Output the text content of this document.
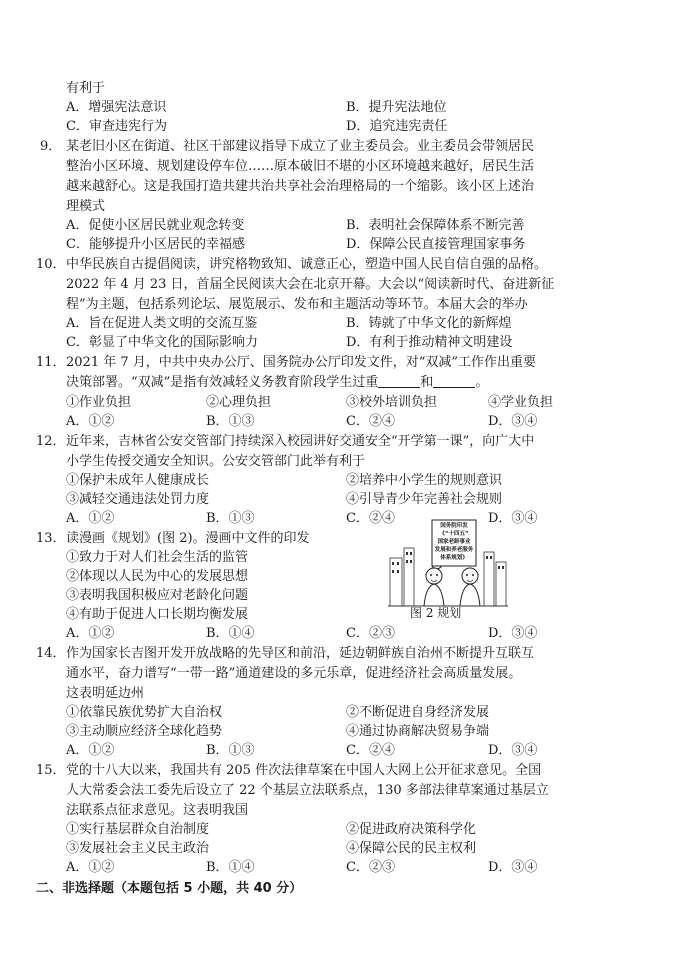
有利于
A．增强宪法意识	B．提升宪法地位
C．审查违宪行为	D．追究违宪责任
9． 某老旧小区在街道、社区干部建议指导下成立了业主委员会。业主委员会带领居民
整治小区环境、规划建设停车位……原本破旧不堪的小区环境越来越好，居民生活
越来越舒心。这是我国打造共建共治共享社会治理格局的一个缩影。该小区上述治
理模式
A．促使小区居民就业观念转变	B．表明社会保障体系不断完善
C．能够提升小区居民的幸福感	D．保障公民直接管理国家事务
10． 中华民族自古提倡阅读，讲究格物致知、诚意正心，塑造中国人民自信自强的品格。
2022 年 4 月 23 日，首届全民阅读大会在北京开幕。大会以“阅读新时代、奋进新征
程”为主题，包括系列论坛、展览展示、发布和主题活动等环节。本届大会的举办
A．旨在促进人类文明的交流互鉴	B．铸就了中华文化的新辉煌
C．彰显了中华文化的国际影响力	D．有利于推动精神文明建设
11． 2021 年 7 月，中共中央办公厅、国务院办公厅印发文件，对“双减”工作作出重要
决策部署。“双减”是指有效减轻义务教育阶段学生过重	和	。
①作业负担	②心理负担	③校外培训负担	④学业负担
A．①②	B．①③	C．②④	D．③④
12． 近年来，吉林省公安交管部门持续深入校园讲好交通安全“开学第一课”，向广大中
小学生传授交通安全知识。公安交管部门此举有利于
①保护未成年人健康成长	②培养中小学生的规则意识
③减轻交通违法处罚力度	④引导青少年完善社会规则
A．①②	B．①③	C．②④	D．③④
13． 读漫画《规划》(图 2)。漫画中文件的印发
①致力于对人们社会生活的监管
②体现以人民为中心的发展思想
③表明我国积极应对老龄化问题
④有助于促进人口长期均衡发展
A．①②	B．①④	C．②③	D．③④
国务院印发
《“十四五”
国家老龄事业
发展和养老服务
体系规划》
图 2 规划
14． 作为国家长吉图开发开放战略的先导区和前沿，延边朝鲜族自治州不断提升互联互
通水平，奋力谱写“一带一路”通道建设的多元乐章，促进经济社会高质量发展。
这表明延边州
①依靠民族优势扩大自治权	②不断促进自身经济发展
③主动顺应经济全球化趋势	④通过协商解决贸易争端
A．①②	B．①③	C．②④	D．③④
15． 党的十八大以来，我国共有 205 件次法律草案在中国人大网上公开征求意见。全国
人大常委会法工委先后设立了 22 个基层立法联系点，130 多部法律草案通过基层立
法联系点征求意见。这表明我国
①实行基层群众自治制度	②促进政府决策科学化
③发展社会主义民主政治	④保障公民的民主权利
A．①②	B．①④	C．②③	D．③④
二、非选择题（本题包括 5 小题，共 40 分）
